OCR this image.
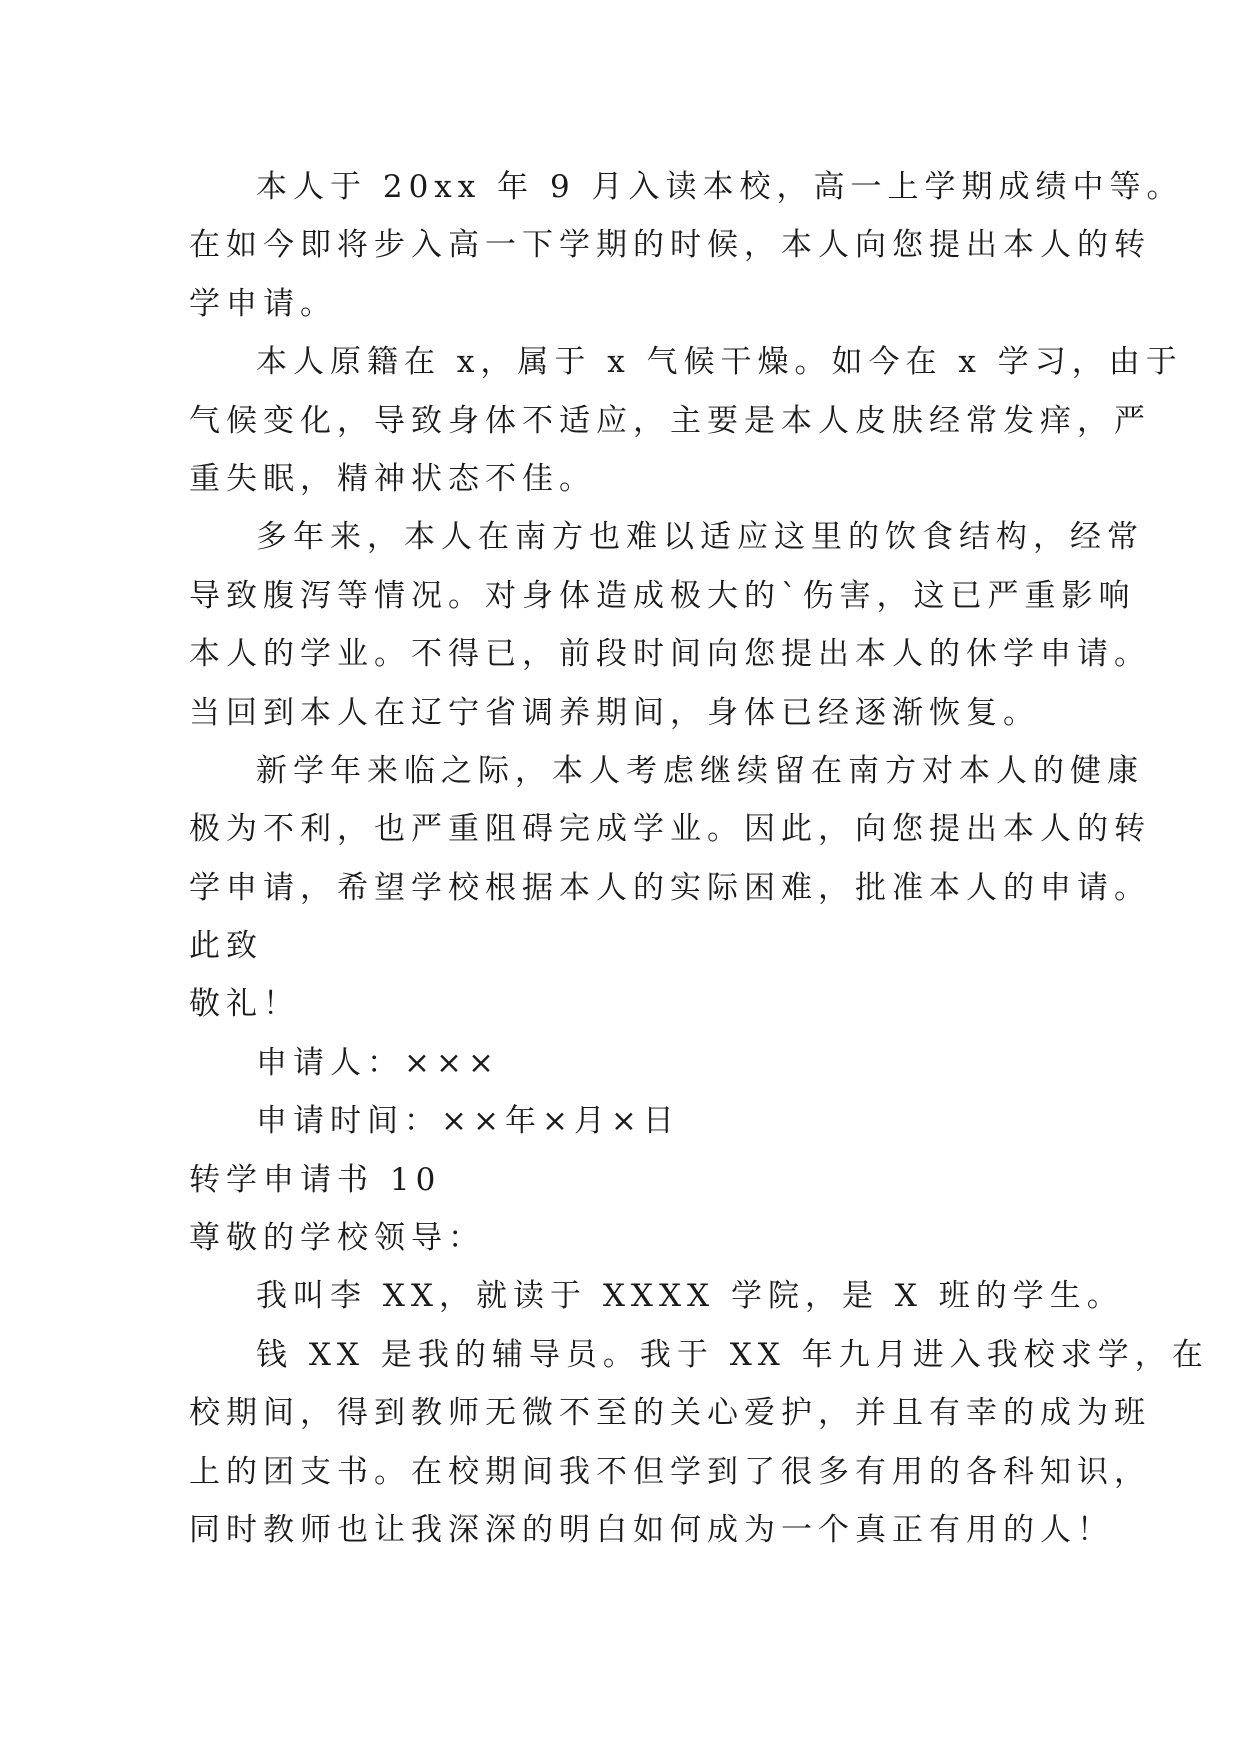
本人于 20xx 年 9 月入读本校，高一上学期成绩中等。
在如今即将步入高一下学期的时候，本人向您提出本人的转
学申请。
本人原籍在 x，属于 x 气候干燥。如今在 x 学习，由于
气候变化，导致身体不适应，主要是本人皮肤经常发痒，严
重失眠，精神状态不佳。
多年来，本人在南方也难以适应这里的饮食结构，经常
导致腹泻等情况。对身体造成极大的`伤害，这已严重影响
本人的学业。不得已，前段时间向您提出本人的休学申请。
当回到本人在辽宁省调养期间，身体已经逐渐恢复。
新学年来临之际，本人考虑继续留在南方对本人的健康
极为不利，也严重阻碍完成学业。因此，向您提出本人的转
学申请，希望学校根据本人的实际困难，批准本人的申请。
此致
敬礼！
申请人：×××
申请时间：××年×月×日
转学申请书 10
尊敬的学校领导：
我叫李 XX，就读于 XXXX 学院，是 X 班的学生。
钱 XX 是我的辅导员。我于 XX 年九月进入我校求学，在
校期间，得到教师无微不至的关心爱护，并且有幸的成为班
上的团支书。在校期间我不但学到了很多有用的各科知识，
同时教师也让我深深的明白如何成为一个真正有用的人！
